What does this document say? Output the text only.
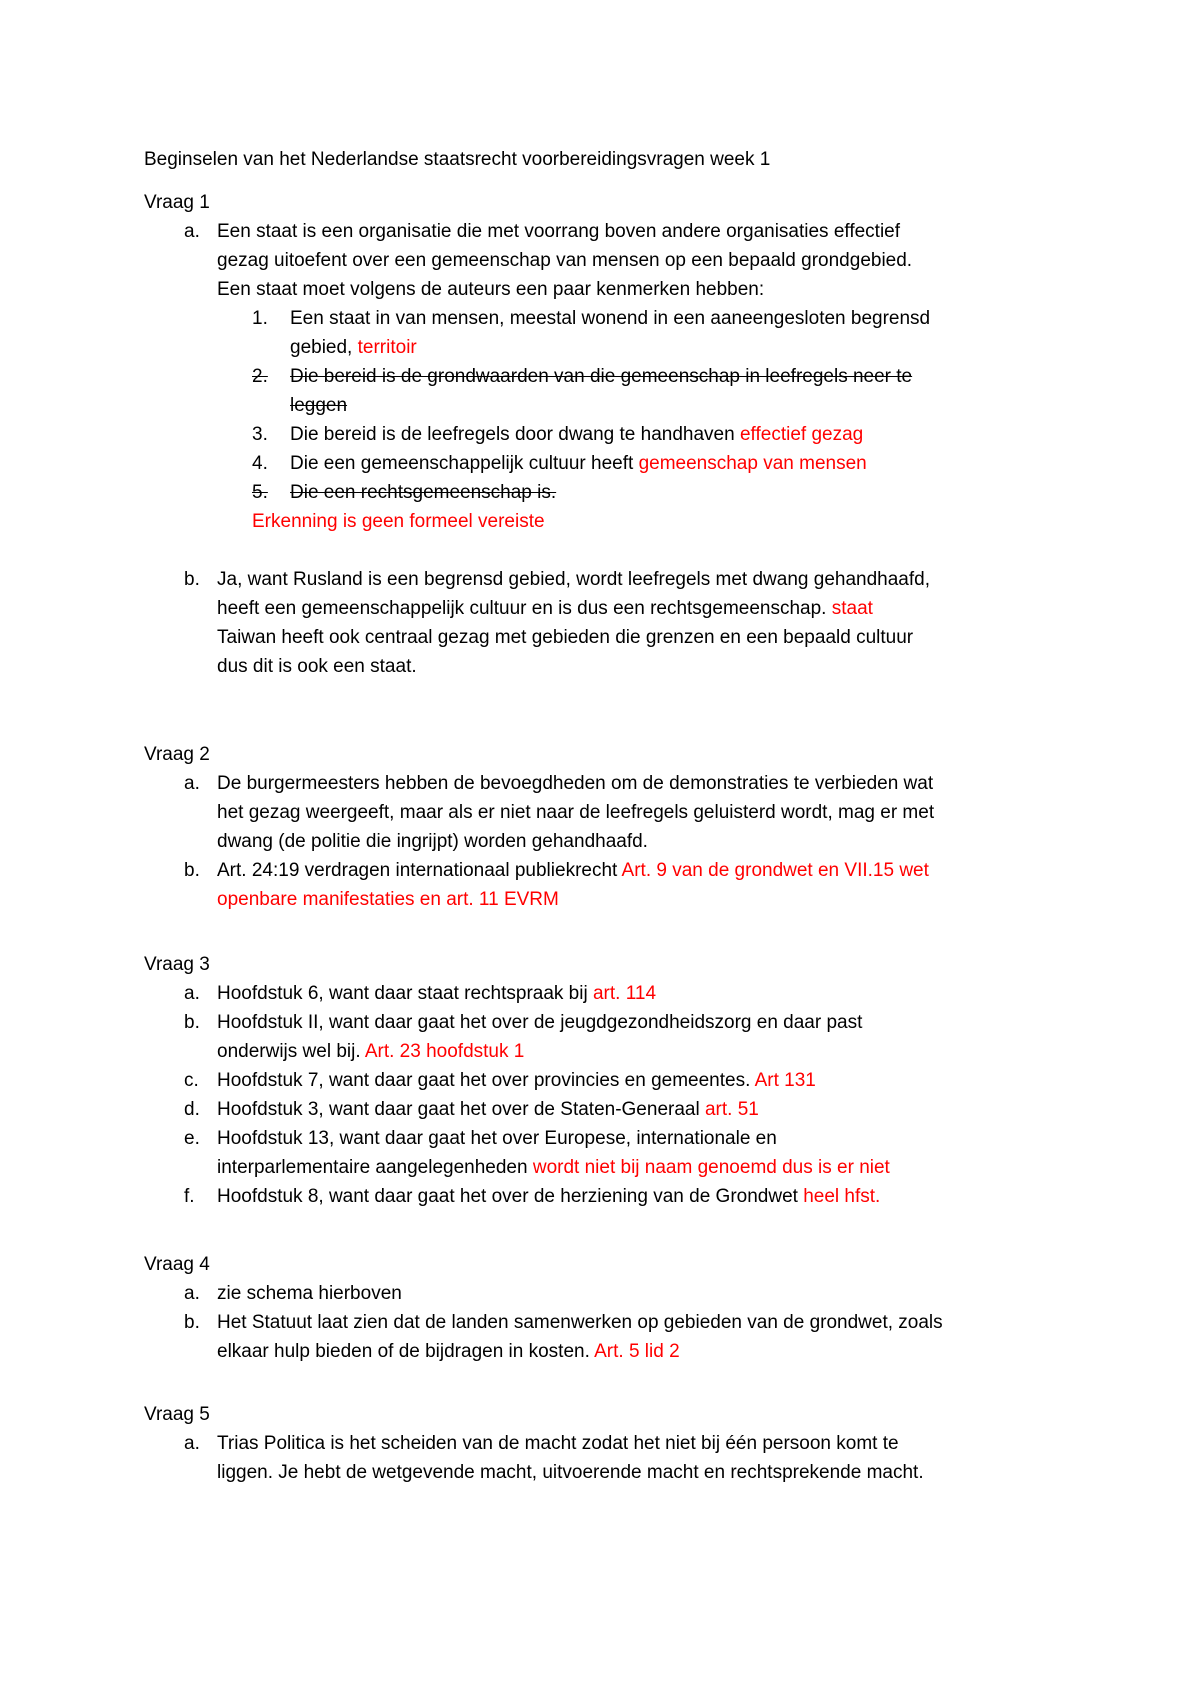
Beginselen van het Nederlandse staatsrecht voorbereidingsvragen week 1
Vraag 1
a. Een staat is een organisatie die met voorrang boven andere organisaties effectief
gezag uitoefent over een gemeenschap van mensen op een bepaald grondgebied.
Een staat moet volgens de auteurs een paar kenmerken hebben:
1. Een staat in van mensen, meestal wonend in een aaneengesloten begrensd
gebied, territoir
2. Die bereid is de grondwaarden van die gemeenschap in leefregels neer te
leggen
3. Die bereid is de leefregels door dwang te handhaven effectief gezag
4. Die een gemeenschappelijk cultuur heeft gemeenschap van mensen
5. Die een rechtsgemeenschap is.
Erkenning is geen formeel vereiste
b. Ja, want Rusland is een begrensd gebied, wordt leefregels met dwang gehandhaafd,
heeft een gemeenschappelijk cultuur en is dus een rechtsgemeenschap. staat
Taiwan heeft ook centraal gezag met gebieden die grenzen en een bepaald cultuur
dus dit is ook een staat.
Vraag 2
a. De burgermeesters hebben de bevoegdheden om de demonstraties te verbieden wat
het gezag weergeeft, maar als er niet naar de leefregels geluisterd wordt, mag er met
dwang (de politie die ingrijpt) worden gehandhaafd.
b. Art. 24:19 verdragen internationaal publiekrecht Art. 9 van de grondwet en VII.15 wet
openbare manifestaties en art. 11 EVRM
Vraag 3
a. Hoofdstuk 6, want daar staat rechtspraak bij art. 114
b. Hoofdstuk II, want daar gaat het over de jeugdgezondheidszorg en daar past
onderwijs wel bij. Art. 23 hoofdstuk 1
c. Hoofdstuk 7, want daar gaat het over provincies en gemeentes. Art 131
d. Hoofdstuk 3, want daar gaat het over de Staten-Generaal art. 51
e. Hoofdstuk 13, want daar gaat het over Europese, internationale en
interparlementaire aangelegenheden wordt niet bij naam genoemd dus is er niet
f. Hoofdstuk 8, want daar gaat het over de herziening van de Grondwet heel hfst.
Vraag 4
a. zie schema hierboven
b. Het Statuut laat zien dat de landen samenwerken op gebieden van de grondwet, zoals
elkaar hulp bieden of de bijdragen in kosten. Art. 5 lid 2
Vraag 5
a. Trias Politica is het scheiden van de macht zodat het niet bij één persoon komt te
liggen. Je hebt de wetgevende macht, uitvoerende macht en rechtsprekende macht.
